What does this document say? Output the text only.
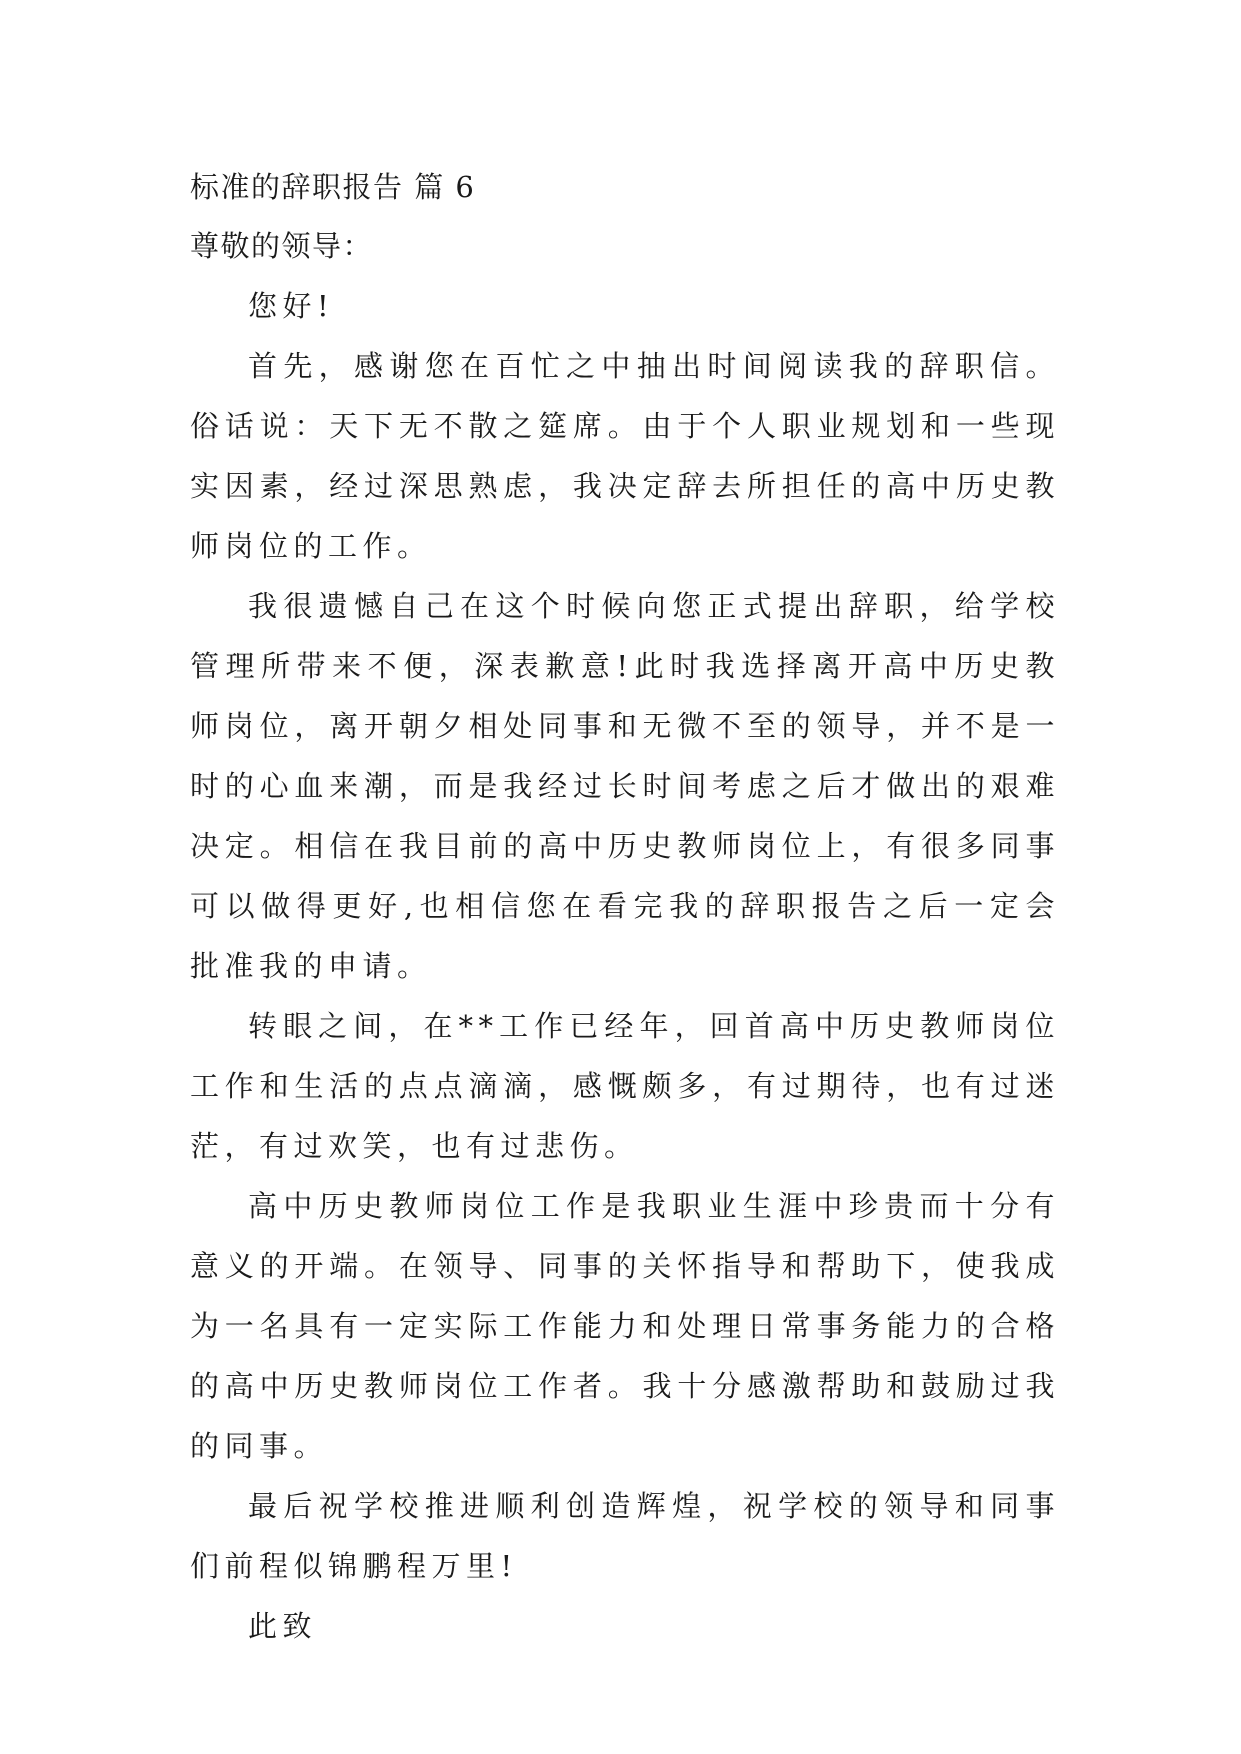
标准的辞职报告 篇 6
尊敬的领导：

您好!

首先，感谢您在百忙之中抽出时间阅读我的辞职信。俗话说：天下无不散之筵席。由于个人职业规划和一些现实因素，经过深思熟虑，我决定辞去所担任的高中历史教师岗位的工作。

我很遗憾自己在这个时候向您正式提出辞职，给学校管理所带来不便，深表歉意!此时我选择离开高中历史教师岗位，离开朝夕相处同事和无微不至的领导，并不是一时的心血来潮，而是我经过长时间考虑之后才做出的艰难决定。相信在我目前的高中历史教师岗位上，有很多同事可以做得更好,也相信您在看完我的辞职报告之后一定会批准我的申请。

转眼之间，在**工作已经年，回首高中历史教师岗位工作和生活的点点滴滴，感慨颇多，有过期待，也有过迷茫，有过欢笑，也有过悲伤。

高中历史教师岗位工作是我职业生涯中珍贵而十分有意义的开端。在领导、同事的关怀指导和帮助下，使我成为一名具有一定实际工作能力和处理日常事务能力的合格的高中历史教师岗位工作者。我十分感激帮助和鼓励过我的同事。

最后祝学校推进顺利创造辉煌，祝学校的领导和同事们前程似锦鹏程万里!

此致
